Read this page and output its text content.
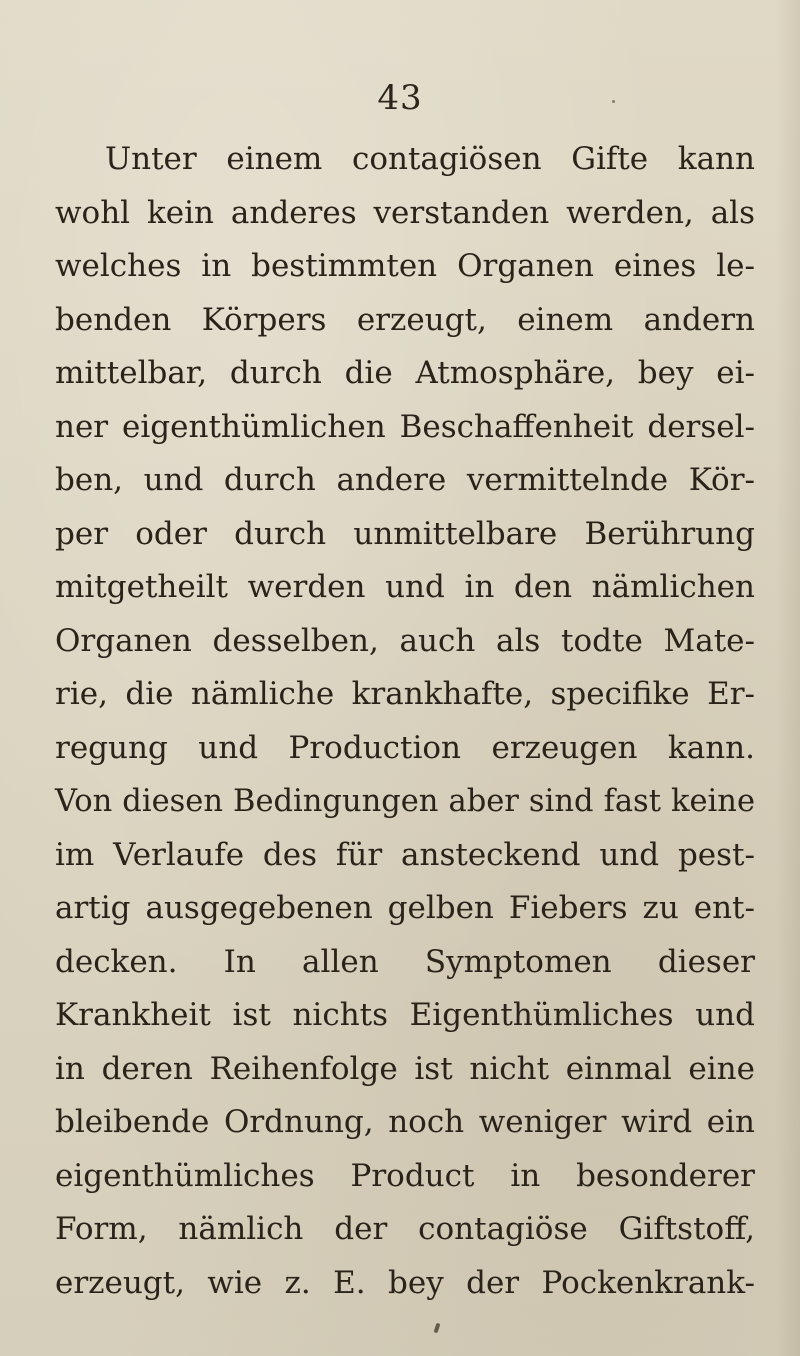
43
Unter einem contagiösen Gifte kann
wohl kein anderes verstanden werden, als
welches in bestimmten Organen eines le-
benden Körpers erzeugt, einem andern
mittelbar, durch die Atmosphäre, bey ei-
ner eigenthümlichen Beschaffenheit dersel-
ben, und durch andere vermittelnde Kör-
per oder durch unmittelbare Berührung
mitgetheilt werden und in den nämlichen
Organen desselben, auch als todte Mate-
rie, die nämliche krankhafte, specifike Er-
regung und Production erzeugen kann.
Von diesen Bedingungen aber sind fast keine
im Verlaufe des für ansteckend und pest-
artig ausgegebenen gelben Fiebers zu ent-
decken. In allen Symptomen dieser
Krankheit ist nichts Eigenthümliches und
in deren Reihenfolge ist nicht einmal eine
bleibende Ordnung, noch weniger wird ein
eigenthümliches Product in besonderer
Form, nämlich der contagiöse Giftstoff,
erzeugt, wie z. E. bey der Pockenkrank-
